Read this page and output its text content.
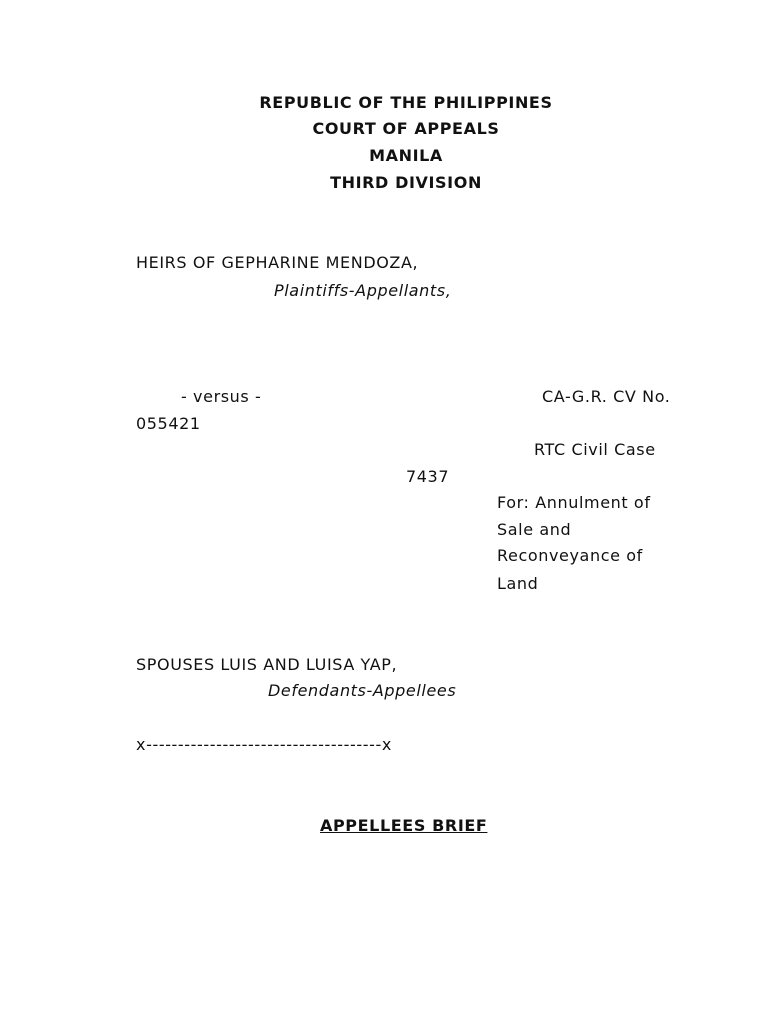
REPUBLIC OF THE PHILIPPINES
COURT OF APPEALS
MANILA
THIRD DIVISION
HEIRS OF GEPHARINE MENDOZA,
Plaintiffs-Appellants,
- versus -	CA-G.R. CV No.
055421
RTC Civil Case
7437
For: Annulment of
Sale and
Reconveyance of
Land
SPOUSES LUIS AND LUISA YAP,
Defendants-Appellees
x-------------------------------------x
APPELLEES BRIEF
